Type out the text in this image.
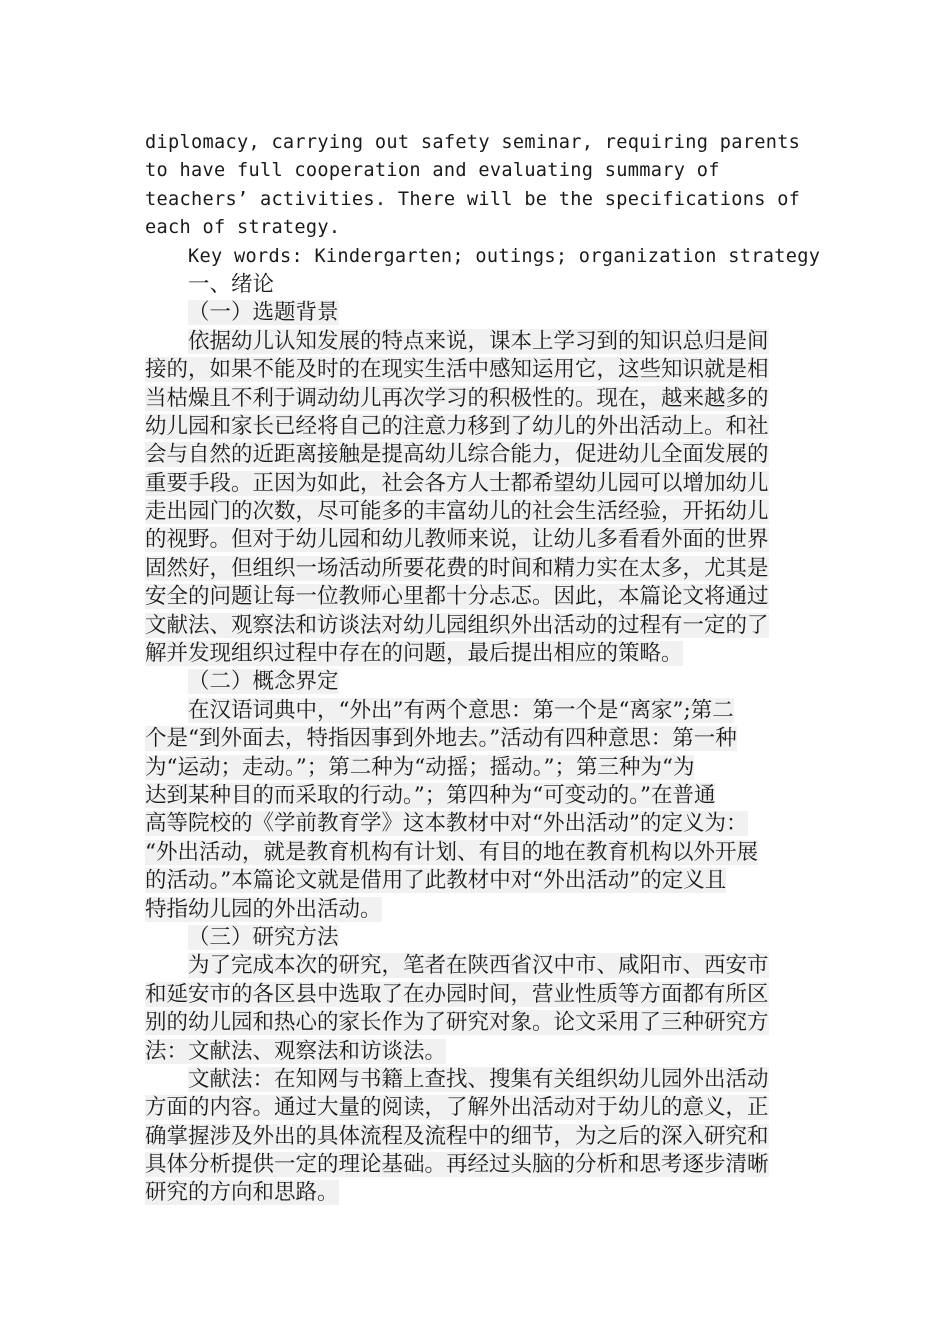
diplomacy, carrying out safety seminar, requiring parents
to have full cooperation and evaluating summary of
teachers’ activities. There will be the specifications of
each of strategy.
Key words: Kindergarten; outings; organization strategy
一、绪论
（一）选题背景
依据幼儿认知发展的特点来说，课本上学习到的知识总归是间
接的，如果不能及时的在现实生活中感知运用它，这些知识就是相
当枯燥且不利于调动幼儿再次学习的积极性的。现在，越来越多的
幼儿园和家长已经将自己的注意力移到了幼儿的外出活动上。和社
会与自然的近距离接触是提高幼儿综合能力，促进幼儿全面发展的
重要手段。正因为如此，社会各方人士都希望幼儿园可以增加幼儿
走出园门的次数，尽可能多的丰富幼儿的社会生活经验，开拓幼儿
的视野。但对于幼儿园和幼儿教师来说，让幼儿多看看外面的世界
固然好，但组织一场活动所要花费的时间和精力实在太多，尤其是
安全的问题让每一位教师心里都十分忐忑。因此，本篇论文将通过
文献法、观察法和访谈法对幼儿园组织外出活动的过程有一定的了
解并发现组织过程中存在的问题，最后提出相应的策略。
（二）概念界定
在汉语词典中，“外出”有两个意思：第一个是“离家”;第二
个是“到外面去，特指因事到外地去。”活动有四种意思：第一种
为“运动；走动。”；第二种为“动摇；摇动。”；第三种为“为
达到某种目的而采取的行动。”；第四种为“可变动的。”在普通
高等院校的《学前教育学》这本教材中对“外出活动”的定义为：
“外出活动，就是教育机构有计划、有目的地在教育机构以外开展
的活动。”本篇论文就是借用了此教材中对“外出活动”的定义且
特指幼儿园的外出活动。
（三）研究方法
为了完成本次的研究，笔者在陕西省汉中市、咸阳市、西安市
和延安市的各区县中选取了在办园时间，营业性质等方面都有所区
别的幼儿园和热心的家长作为了研究对象。论文采用了三种研究方
法：文献法、观察法和访谈法。
文献法：在知网与书籍上查找、搜集有关组织幼儿园外出活动
方面的内容。通过大量的阅读，了解外出活动对于幼儿的意义，正
确掌握涉及外出的具体流程及流程中的细节，为之后的深入研究和
具体分析提供一定的理论基础。再经过头脑的分析和思考逐步清晰
研究的方向和思路。
